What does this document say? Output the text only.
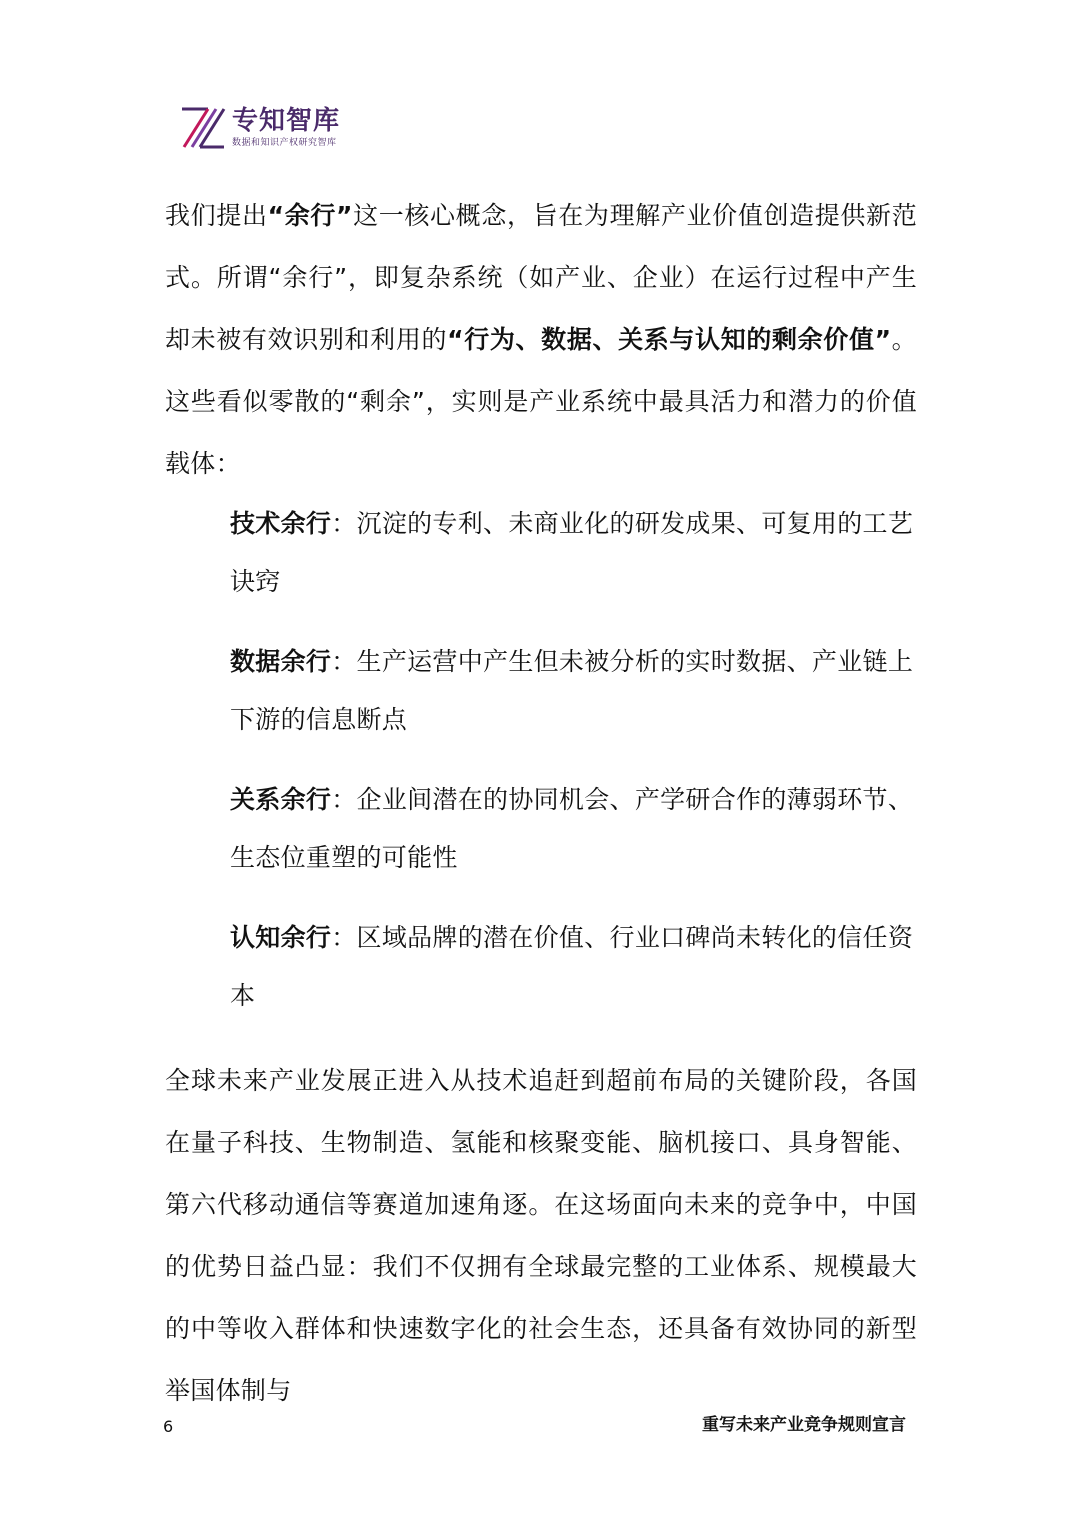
专知智库
数据和知识产权研究智库
我们提出“余行”这一核心概念，旨在为理解产业价值创造提供新范式。所谓“余行”，即复杂系统（如产业、企业）在运行过程中产生却未被有效识别和利用的“行为、数据、关系与认知的剩余价值”。这些看似零散的“剩余”，实则是产业系统中最具活力和潜力的价值载体：
技术余行：沉淀的专利、未商业化的研发成果、可复用的工艺诀窍
数据余行：生产运营中产生但未被分析的实时数据、产业链上下游的信息断点
关系余行：企业间潜在的协同机会、产学研合作的薄弱环节、生态位重塑的可能性
认知余行：区域品牌的潜在价值、行业口碑尚未转化的信任资本
全球未来产业发展正进入从技术追赶到超前布局的关键阶段，各国在量子科技、生物制造、氢能和核聚变能、脑机接口、具身智能、第六代移动通信等赛道加速角逐。在这场面向未来的竞争中，中国的优势日益凸显：我们不仅拥有全球最完整的工业体系、规模最大的中等收入群体和快速数字化的社会生态，还具备有效协同的新型举国体制与
6	重写未来产业竞争规则宣言
